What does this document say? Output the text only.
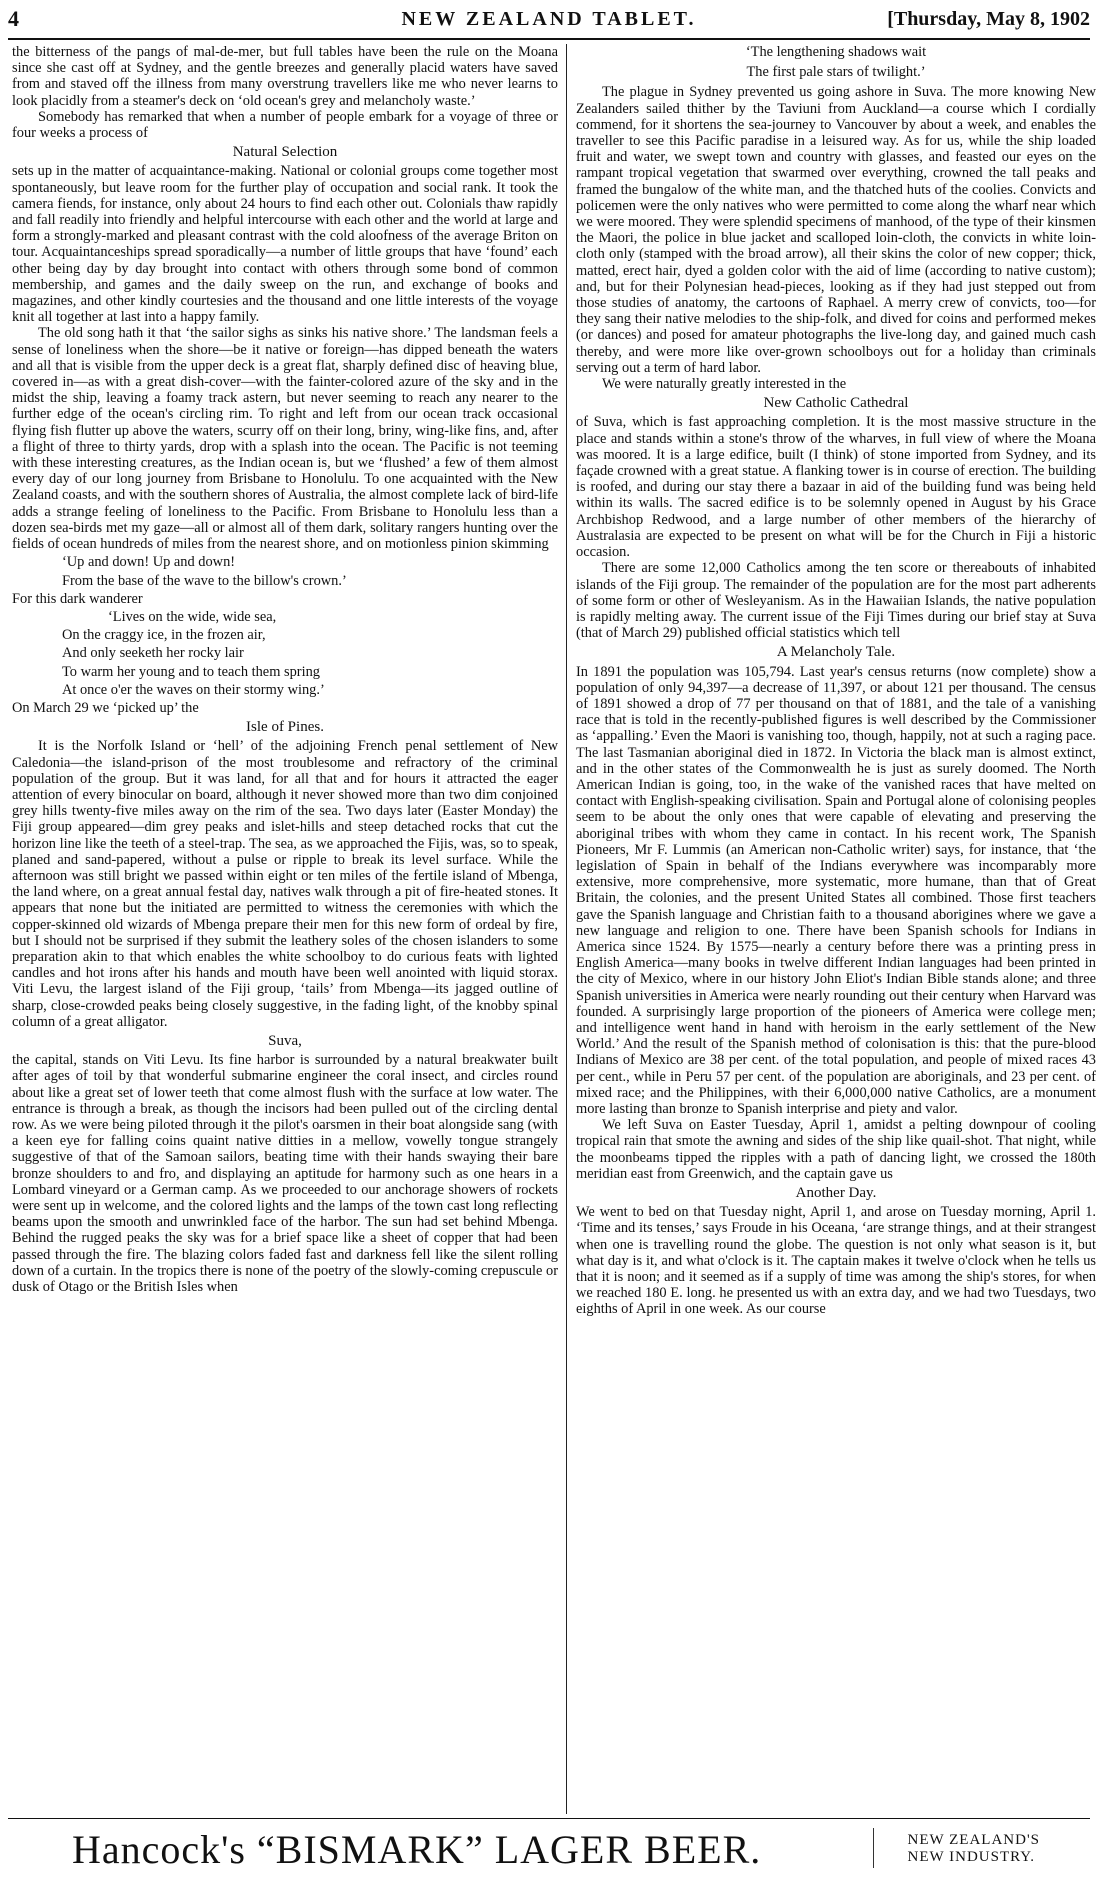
4	NEW ZEALAND TABLET.	[Thursday, May 8, 1902

the bitterness of the pangs of mal-de-mer, but full tables have been the rule on the Moana since she cast off at Sydney, and the gentle breezes and generally placid waters have saved from and staved off the illness from many overstrung travellers like me who never learns to look placidly from a steamer's deck on ‘old ocean's grey and melancholy waste.’

Somebody has remarked that when a number of people embark for a voyage of three or four weeks a process of

Natural Selection

sets up in the matter of acquaintance-making. National or colonial groups come together most spontaneously, but leave room for the further play of occupation and social rank. It took the camera fiends, for instance, only about 24 hours to find each other out. Colonials thaw rapidly and fall readily into friendly and helpful intercourse with each other and the world at large and form a strongly-marked and pleasant contrast with the cold aloofness of the average Briton on tour. Acquaintanceships spread sporadically—a number of little groups that have ‘found’ each other being day by day brought into contact with others through some bond of common membership, and games and the daily sweep on the run, and exchange of books and magazines, and other kindly courtesies and the thousand and one little interests of the voyage knit all together at last into a happy family.

The old song hath it that ‘the sailor sighs as sinks his native shore.’ The landsman feels a sense of loneliness when the shore—be it native or foreign—has dipped beneath the waters and all that is visible from the upper deck is a great flat, sharply defined disc of heaving blue, covered in—as with a great dish-cover—with the fainter-colored azure of the sky and in the midst the ship, leaving a foamy track astern, but never seeming to reach any nearer to the further edge of the ocean's circling rim. To right and left from our ocean track occasional flying fish flutter up above the waters, scurry off on their long, briny, wing-like fins, and, after a flight of three to thirty yards, drop with a splash into the ocean. The Pacific is not teeming with these interesting creatures, as the Indian ocean is, but we ‘flushed’ a few of them almost every day of our long journey from Brisbane to Honolulu. To one acquainted with the New Zealand coasts, and with the southern shores of Australia, the almost complete lack of bird-life adds a strange feeling of loneliness to the Pacific. From Brisbane to Honolulu less than a dozen sea-birds met my gaze—all or almost all of them dark, solitary rangers hunting over the fields of ocean hundreds of miles from the nearest shore, and on motionless pinion skimming

‘Up and down! Up and down!

From the base of the wave to the billow's crown.’

For this dark wanderer

‘Lives on the wide, wide sea,

On the craggy ice, in the frozen air,

And only seeketh her rocky lair

To warm her young and to teach them spring

At once o'er the waves on their stormy wing.’

On March 29 we ‘picked up’ the

Isle of Pines.

It is the Norfolk Island or ‘hell’ of the adjoining French penal settlement of New Caledonia—the island-prison of the most troublesome and refractory of the criminal population of the group. But it was land, for all that and for hours it attracted the eager attention of every binocular on board, although it never showed more than two dim conjoined grey hills twenty-five miles away on the rim of the sea. Two days later (Easter Monday) the Fiji group appeared—dim grey peaks and islet-hills and steep detached rocks that cut the horizon line like the teeth of a steel-trap. The sea, as we approached the Fijis, was, so to speak, planed and sand-papered, without a pulse or ripple to break its level surface. While the afternoon was still bright we passed within eight or ten miles of the fertile island of Mbenga, the land where, on a great annual festal day, natives walk through a pit of fire-heated stones. It appears that none but the initiated are permitted to witness the ceremonies with which the copper-skinned old wizards of Mbenga prepare their men for this new form of ordeal by fire, but I should not be surprised if they submit the leathery soles of the chosen islanders to some preparation akin to that which enables the white schoolboy to do curious feats with lighted candles and hot irons after his hands and mouth have been well anointed with liquid storax. Viti Levu, the largest island of the Fiji group, ‘tails’ from Mbenga—its jagged outline of sharp, close-crowded peaks being closely suggestive, in the fading light, of the knobby spinal column of a great alligator.

Suva,

the capital, stands on Viti Levu. Its fine harbor is surrounded by a natural breakwater built after ages of toil by that wonderful submarine engineer the coral insect, and circles round about like a great set of lower teeth that come almost flush with the surface at low water. The entrance is through a break, as though the incisors had been pulled out of the circling dental row. As we were being piloted through it the pilot's oarsmen in their boat alongside sang (with a keen eye for falling coins quaint native ditties in a mellow, vowelly tongue strangely suggestive of that of the Samoan sailors, beating time with their hands swaying their bare bronze shoulders to and fro, and displaying an aptitude for harmony such as one hears in a Lombard vineyard or a German camp. As we proceeded to our anchorage showers of rockets were sent up in welcome, and the colored lights and the lamps of the town cast long reflecting beams upon the smooth and unwrinkled face of the harbor. The sun had set behind Mbenga. Behind the rugged peaks the sky was for a brief space like a sheet of copper that had been passed through the fire. The blazing colors faded fast and darkness fell like the silent rolling down of a curtain. In the tropics there is none of the poetry of the slowly-coming crepuscule or dusk of Otago or the British Isles when

‘The lengthening shadows wait

The first pale stars of twilight.’

The plague in Sydney prevented us going ashore in Suva. The more knowing New Zealanders sailed thither by the Taviuni from Auckland—a course which I cordially commend, for it shortens the sea-journey to Vancouver by about a week, and enables the traveller to see this Pacific paradise in a leisured way. As for us, while the ship loaded fruit and water, we swept town and country with glasses, and feasted our eyes on the rampant tropical vegetation that swarmed over everything, crowned the tall peaks and framed the bungalow of the white man, and the thatched huts of the coolies. Convicts and policemen were the only natives who were permitted to come along the wharf near which we were moored. They were splendid specimens of manhood, of the type of their kinsmen the Maori, the police in blue jacket and scalloped loin-cloth, the convicts in white loin-cloth only (stamped with the broad arrow), all their skins the color of new copper; thick, matted, erect hair, dyed a golden color with the aid of lime (according to native custom); and, but for their Polynesian head-pieces, looking as if they had just stepped out from those studies of anatomy, the cartoons of Raphael. A merry crew of convicts, too—for they sang their native melodies to the ship-folk, and dived for coins and performed mekes (or dances) and posed for amateur photographs the live-long day, and gained much cash thereby, and were more like over-grown schoolboys out for a holiday than criminals serving out a term of hard labor.

We were naturally greatly interested in the

New Catholic Cathedral

of Suva, which is fast approaching completion. It is the most massive structure in the place and stands within a stone's throw of the wharves, in full view of where the Moana was moored. It is a large edifice, built (I think) of stone imported from Sydney, and its façade crowned with a great statue. A flanking tower is in course of erection. The building is roofed, and during our stay there a bazaar in aid of the building fund was being held within its walls. The sacred edifice is to be solemnly opened in August by his Grace Archbishop Redwood, and a large number of other members of the hierarchy of Australasia are expected to be present on what will be for the Church in Fiji a historic occasion.

There are some 12,000 Catholics among the ten score or thereabouts of inhabited islands of the Fiji group. The remainder of the population are for the most part adherents of some form or other of Wesleyanism. As in the Hawaiian Islands, the native population is rapidly melting away. The current issue of the Fiji Times during our brief stay at Suva (that of March 29) published official statistics which tell

A Melancholy Tale.

In 1891 the population was 105,794. Last year's census returns (now complete) show a population of only 94,397—a decrease of 11,397, or about 121 per thousand. The census of 1891 showed a drop of 77 per thousand on that of 1881, and the tale of a vanishing race that is told in the recently-published figures is well described by the Commissioner as ‘appalling.’ Even the Maori is vanishing too, though, happily, not at such a raging pace. The last Tasmanian aboriginal died in 1872. In Victoria the black man is almost extinct, and in the other states of the Commonwealth he is just as surely doomed. The North American Indian is going, too, in the wake of the vanished races that have melted on contact with English-speaking civilisation. Spain and Portugal alone of colonising peoples seem to be about the only ones that were capable of elevating and preserving the aboriginal tribes with whom they came in contact. In his recent work, The Spanish Pioneers, Mr F. Lummis (an American non-Catholic writer) says, for instance, that ‘the legislation of Spain in behalf of the Indians everywhere was incomparably more extensive, more comprehensive, more systematic, more humane, than that of Great Britain, the colonies, and the present United States all combined. Those first teachers gave the Spanish language and Christian faith to a thousand aborigines where we gave a new language and religion to one. There have been Spanish schools for Indians in America since 1524. By 1575—nearly a century before there was a printing press in English America—many books in twelve different Indian languages had been printed in the city of Mexico, where in our history John Eliot's Indian Bible stands alone; and three Spanish universities in America were nearly rounding out their century when Harvard was founded. A surprisingly large proportion of the pioneers of America were college men; and intelligence went hand in hand with heroism in the early settlement of the New World.’ And the result of the Spanish method of colonisation is this: that the pure-blood Indians of Mexico are 38 per cent. of the total population, and people of mixed races 43 per cent., while in Peru 57 per cent. of the population are aboriginals, and 23 per cent. of mixed race; and the Philippines, with their 6,000,000 native Catholics, are a monument more lasting than bronze to Spanish interprise and piety and valor.

We left Suva on Easter Tuesday, April 1, amidst a pelting downpour of cooling tropical rain that smote the awning and sides of the ship like quail-shot. That night, while the moonbeams tipped the ripples with a path of dancing light, we crossed the 180th meridian east from Greenwich, and the captain gave us

Another Day.

We went to bed on that Tuesday night, April 1, and arose on Tuesday morning, April 1. ‘Time and its tenses,’ says Froude in his Oceana, ‘are strange things, and at their strangest when one is travelling round the globe. The question is not only what season is it, but what day is it, and what o'clock is it. The captain makes it twelve o'clock when he tells us that it is noon; and it seemed as if a supply of time was among the ship's stores, for when we reached 180 E. long. he presented us with an extra day, and we had two Tuesdays, two eighths of April in one week. As our course

Hancock's “BISMARK” LAGER BEER.	NEW ZEALAND'S
NEW INDUSTRY.
